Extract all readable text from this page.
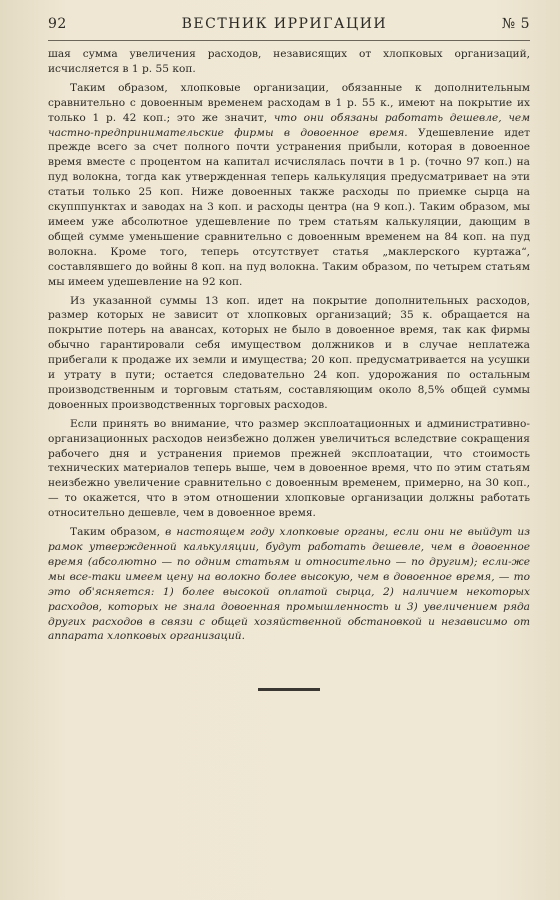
92	ВЕСТНИК ИРРИГАЦИИ	№ 5

шая сумма увеличения расходов, независящих от хлопковых организаций, исчисляется в 1 р. 55 коп.

Таким образом, хлопковые организации, обязанные к дополнительным сравнительно с довоенным временем расходам в 1 р. 55 к., имеют на покрытие их только 1 р. 42 коп.; это же значит, что они обязаны работать дешевле, чем частно-предпринимательские фирмы в довоенное время. Удешевление идет прежде всего за счет полного почти устранения прибыли, которая в довоенное время вместе с процентом на капитал исчислялась почти в 1 р. (точно 97 коп.) на пуд волокна, тогда как утвержденная теперь калькуляция предусматривает на эти статьи только 25 коп. Ниже довоенных также расходы по приемке сырца на скупппунктах и заводах на 3 коп. и расходы центра (на 9 коп.). Таким образом, мы имеем уже абсолютное удешевление по трем статьям калькуляции, дающим в общей сумме уменьшение сравнительно с довоенным временем на 84 коп. на пуд волокна. Кроме того, теперь отсутствует статья „маклерского куртажа“, составлявшего до войны 8 коп. на пуд волокна. Таким образом, по четырем статьям мы имеем удешевление на 92 коп.

Из указанной суммы 13 коп. идет на покрытие дополнительных расходов, размер которых не зависит от хлопковых организаций; 35 к. обращается на покрытие потерь на авансах, которых не было в довоенное время, так как фирмы обычно гарантировали себя имуществом должников и в случае неплатежа прибегали к продаже их земли и имущества; 20 коп. предусматривается на усушки и утрату в пути; остается следовательно 24 коп. удорожания по остальным производственным и торговым статьям, составляющим около 8,5% общей суммы довоенных производственных торговых расходов.

Если принять во внимание, что размер эксплоатационных и административно-организационных расходов неизбежно должен увеличиться вследствие сокращения рабочего дня и устранения приемов прежней эксплоатации, что стоимость технических материалов теперь выше, чем в довоенное время, что по этим статьям неизбежно увеличение сравнительно с довоенным временем, примерно, на 30 коп., — то окажется, что в этом отношении хлопковые организации должны работать относительно дешевле, чем в довоенное время.

Таким образом, в настоящем году хлопковые органы, если они не выйдут из рамок утвержденной калькуляции, будут работать дешевле, чем в довоенное время (абсолютно — по одним статьям и относительно — по другим); если-же мы все-таки имеем цену на волокно более высокую, чем в довоенное время, — то это об'ясняется: 1) более высокой оплатой сырца, 2) наличием некоторых расходов, которых не знала довоенная промышленность и 3) увеличением ряда других расходов в связи с общей хозяйственной обстановкой и независимо от аппарата хлопковых организаций.
